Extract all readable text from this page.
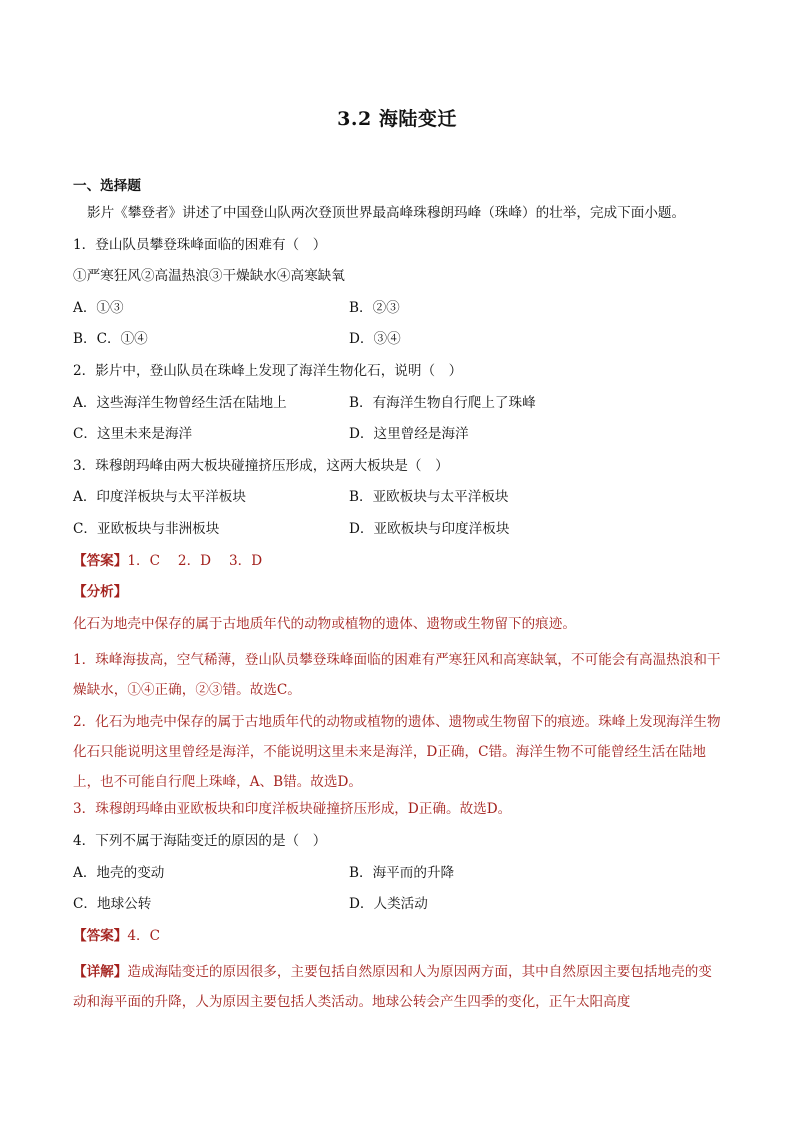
3.2 海陆变迁
一、选择题
影片《攀登者》讲述了中国登山队两次登顶世界最高峰珠穆朗玛峰（珠峰）的壮举，完成下面小题。
1．登山队员攀登珠峰面临的困难有（　）
①严寒狂风②高温热浪③干燥缺水④高寒缺氧
A．①③	B．②③
B．C．①④	D．③④
2．影片中，登山队员在珠峰上发现了海洋生物化石，说明（　）
A．这些海洋生物曾经生活在陆地上	B．有海洋生物自行爬上了珠峰
C．这里未来是海洋	D．这里曾经是海洋
3．珠穆朗玛峰由两大板块碰撞挤压形成，这两大板块是（　）
A．印度洋板块与太平洋板块	B．亚欧板块与太平洋板块
C．亚欧板块与非洲板块	D．亚欧板块与印度洋板块
【答案】1．C　 2．D　 3．D
【分析】
化石为地壳中保存的属于古地质年代的动物或植物的遗体、遗物或生物留下的痕迹。

1．珠峰海拔高，空气稀薄，登山队员攀登珠峰面临的困难有严寒狂风和高寒缺氧，不可能会有高温热浪和干燥缺水，①④正确，②③错。故选C。

2．化石为地壳中保存的属于古地质年代的动物或植物的遗体、遗物或生物留下的痕迹。珠峰上发现海洋生物化石只能说明这里曾经是海洋，不能说明这里未来是海洋，D正确，C错。海洋生物不可能曾经生活在陆地上，也不可能自行爬上珠峰，A、B错。故选D。

3．珠穆朗玛峰由亚欧板块和印度洋板块碰撞挤压形成，D正确。故选D。
4．下列不属于海陆变迁的原因的是（　）
A．地壳的变动	B．海平而的升降
C．地球公转	D．人类活动
【答案】4．C

【详解】造成海陆变迁的原因很多，主要包括自然原因和人为原因两方面，其中自然原因主要包括地壳的变动和海平面的升降，人为原因主要包括人类活动。地球公转会产生四季的变化，正午太阳高度
